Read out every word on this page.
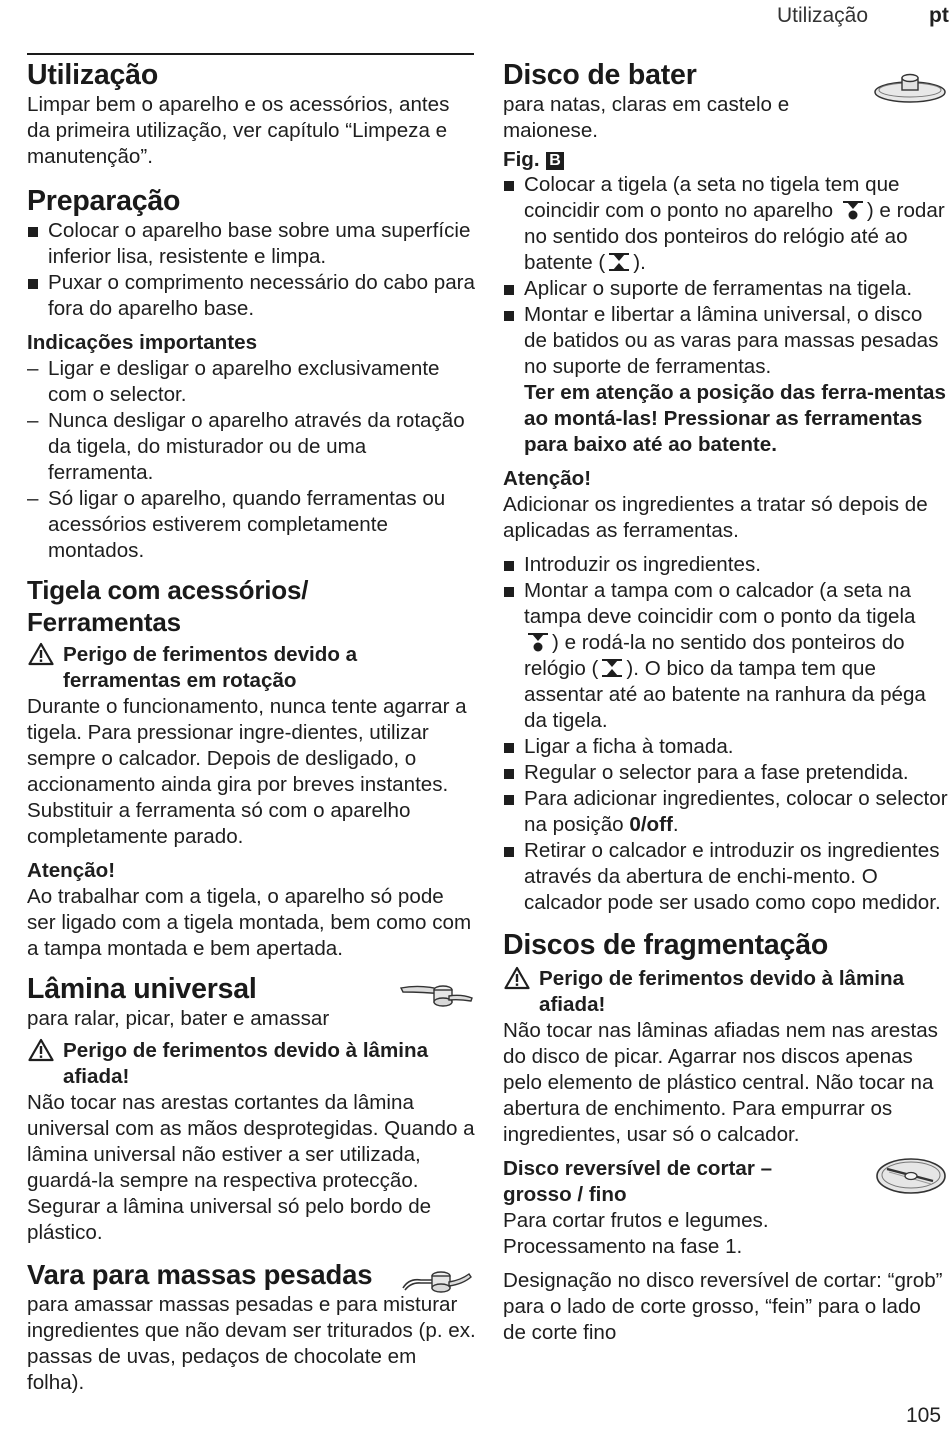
Utilização	pt
Utilização

Limpar bem o aparelho e os acessórios, antes da primeira utilização, ver capítulo “Limpeza e manutenção”.

Preparação
Colocar o aparelho base sobre uma superfície inferior lisa, resistente e limpa.
Puxar o comprimento necessário do cabo para fora do aparelho base.
Indicações importantes
– Ligar e desligar o aparelho exclusivamente com o selector.
– Nunca desligar o aparelho através da rotação da tigela, do misturador ou de uma ferramenta.
– Só ligar o aparelho, quando ferramentas ou acessórios estiverem completamente montados.
Tigela com acessórios/
Ferramentas
Perigo de ferimentos devido a ferramentas em rotação

Durante o funcionamento, nunca tente agarrar a tigela. Para pressionar ingre-dientes, utilizar sempre o calcador. Depois de desligado, o accionamento ainda gira por breves instantes. Substituir a ferramenta só com o aparelho completamente parado.

Atenção!

Ao trabalhar com a tigela, o aparelho só pode ser ligado com a tigela montada, bem como com a tampa montada e bem apertada.

Lâmina universal

para ralar, picar, bater e amassar

Perigo de ferimentos devido à lâmina afiada!

Não tocar nas arestas cortantes da lâmina universal com as mãos desprotegidas. Quando a lâmina universal não estiver a ser utilizada, guardá-la sempre na respectiva protecção. Segurar a lâmina universal só pelo bordo de plástico.

Vara para massas pesadas

para amassar massas pesadas e para misturar ingredientes que não devam ser triturados (p. ex. passas de uvas, pedaços de chocolate em folha).

Disco de bater

para natas, claras em castelo e maionese.

Fig. B
Colocar a tigela (a seta no tigela tem que coincidir com o ponto no aparelho ) e rodar no sentido dos ponteiros do relógio até ao batente ( ).
Aplicar o suporte de ferramentas na tigela.
Montar e libertar a lâmina universal, o disco de batidos ou as varas para massas pesadas no suporte de ferramentas.
Ter em atenção a posição das ferra-mentas ao montá-las! Pressionar as ferramentas para baixo até ao batente.
Atenção!

Adicionar os ingredientes a tratar só depois de aplicadas as ferramentas.

Introduzir os ingredientes.
Montar a tampa com o calcador (a seta na tampa deve coincidir com o ponto da tigela ) e rodá-la no sentido dos ponteiros do relógio ( ). O bico da tampa tem que assentar até ao batente na ranhura da péga da tigela.
Ligar a ficha à tomada.
Regular o selector para a fase pretendida.
Para adicionar ingredientes, colocar o selector na posição 0/off.
Retirar o calcador e introduzir os ingredientes através da abertura de enchi-mento. O calcador pode ser usado como copo medidor.
Discos de fragmentação
Perigo de ferimentos devido à lâmina afiada!

Não tocar nas lâminas afiadas nem nas arestas do disco de picar. Agarrar nos discos apenas pelo elemento de plástico central. Não tocar na abertura de enchimento. Para empurrar os ingredientes, usar só o calcador.

Disco reversível de cortar – grosso / fino

Para cortar frutos e legumes. Processamento na fase 1.

Designação no disco reversível de cortar: “grob” para o lado de corte grosso, “fein” para o lado de corte fino

105
